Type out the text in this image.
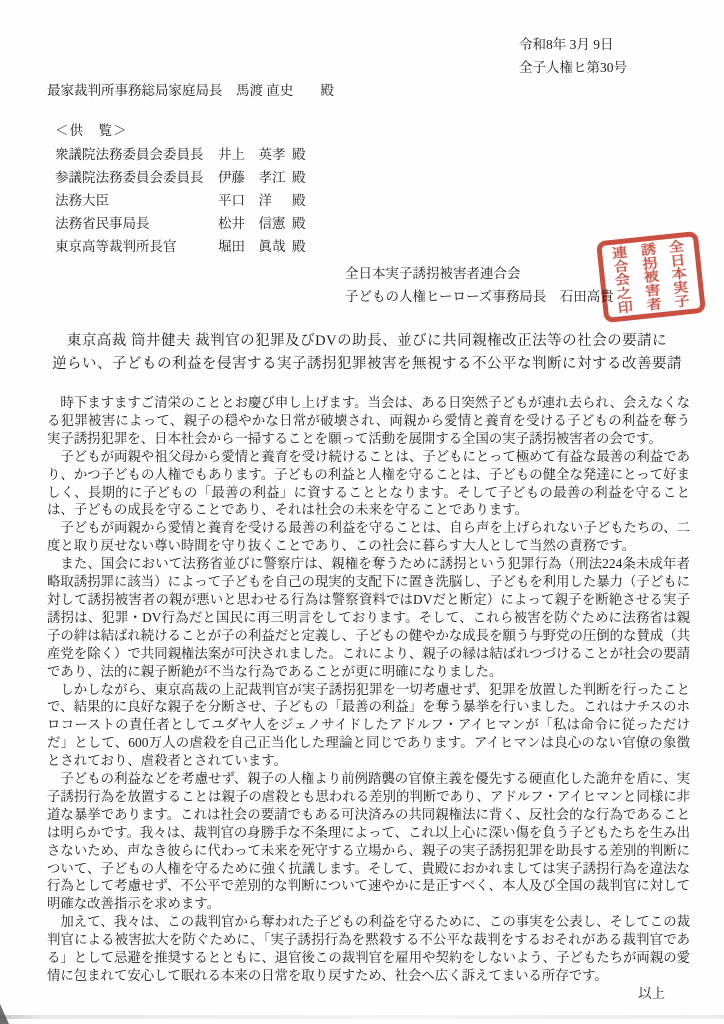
令和8年 3月 9日
全子人権ヒ第30号
最家裁判所事務総局家庭局長　馬渡 直史　　殿
＜供　覧＞
衆議院法務委員会委員長	井上　英孝 殿
参議院法務委員会委員長	伊藤　孝江 殿
法務大臣	平口　洋	殿
法務省民事局長	松井　信憲 殿
東京高等裁判所長官	堀田　眞哉 殿
全日本実子誘拐被害者連合会
子どもの人権ヒーローズ事務局長　石田高貴
全
日
本
実
子
誘
拐
被
害
者
連
合
会
之
印
東京高裁 筒井健夫 裁判官の犯罪及びDVの助長、並びに共同親権改正法等の社会の要請に
逆らい、子どもの利益を侵害する実子誘拐犯罪被害を無視する不公平な判断に対する改善要請

時下ますますご清栄のこととお慶び申し上げます。当会は、ある日突然子どもが連れ去られ、会えなくなる犯罪被害によって、親子の穏やかな日常が破壊され、両親から愛情と養育を受ける子どもの利益を奪う実子誘拐犯罪を、日本社会から一掃することを願って活動を展開する全国の実子誘拐被害者の会です。

子どもが両親や祖父母から愛情と養育を受け続けることは、子どもにとって極めて有益な最善の利益であり、かつ子どもの人権でもあります。子どもの利益と人権を守ることは、子どもの健全な発達にとって好ましく、長期的に子どもの「最善の利益」に資することとなります。そして子どもの最善の利益を守ることは、子どもの成長を守ることであり、それは社会の未来を守ることであります。

子どもが両親から愛情と養育を受ける最善の利益を守ることは、自ら声を上げられない子どもたちの、二度と取り戻せない尊い時間を守り抜くことであり、この社会に暮らす大人として当然の責務です。

また、国会において法務省並びに警察庁は、親権を奪うために誘拐という犯罪行為（刑法224条未成年者略取誘拐罪に該当）によって子どもを自己の現実的支配下に置き洗脳し、子どもを利用した暴力（子どもに対して誘拐被害者の親が悪いと思わせる行為は警察資料ではDVだと断定）によって親子を断絶させる実子誘拐は、犯罪・DV行為だと国民に再三明言をしております。そして、これら被害を防ぐために法務省は親子の絆は結ばれ続けることが子の利益だと定義し、子どもの健やかな成長を願う与野党の圧倒的な賛成（共産党を除く）で共同親権法案が可決されました。これにより、親子の縁は結ばれつづけることが社会の要請であり、法的に親子断絶が不当な行為であることが更に明確になりました。

しかしながら、東京高裁の上記裁判官が実子誘拐犯罪を一切考慮せず、犯罪を放置した判断を行ったことで、結果的に良好な親子を分断させ、子どもの「最善の利益」を奪う暴挙を行いました。これはナチスのホロコーストの責任者としてユダヤ人をジェノサイドしたアドルフ・アイヒマンが「私は命令に従っただけだ」として、600万人の虐殺を自己正当化した理論と同じであります。アイヒマンは良心のない官僚の象徴とされており、虐殺者とされています。

子どもの利益などを考慮せず、親子の人権より前例踏襲の官僚主義を優先する硬直化した詭弁を盾に、実子誘拐行為を放置することは親子の虐殺とも思われる差別的判断であり、アドルフ・アイヒマンと同様に非道な暴挙であります。これは社会の要請でもある可決済みの共同親権法に背く、反社会的な行為であることは明らかです。我々は、裁判官の身勝手な不条理によって、これ以上心に深い傷を負う子どもたちを生み出さないため、声なき彼らに代わって未来を死守する立場から、親子の実子誘拐犯罪を助長する差別的判断について、子どもの人権を守るために強く抗議します。そして、貴殿におかれましては実子誘拐行為を違法な行為として考慮せず、不公平で差別的な判断について速やかに是正すべく、本人及び全国の裁判官に対して明確な改善指示を求めます。

加えて、我々は、この裁判官から奪われた子どもの利益を守るために、この事実を公表し、そしてこの裁判官による被害拡大を防ぐために、「実子誘拐行為を黙殺する不公平な裁判をするおそれがある裁判官である」として忌避を推奨するとともに、退官後この裁判官を雇用や契約をしないよう、子どもたちが両親の愛情に包まれて安心して眠れる本来の日常を取り戻すため、社会へ広く訴えてまいる所存です。

以上
